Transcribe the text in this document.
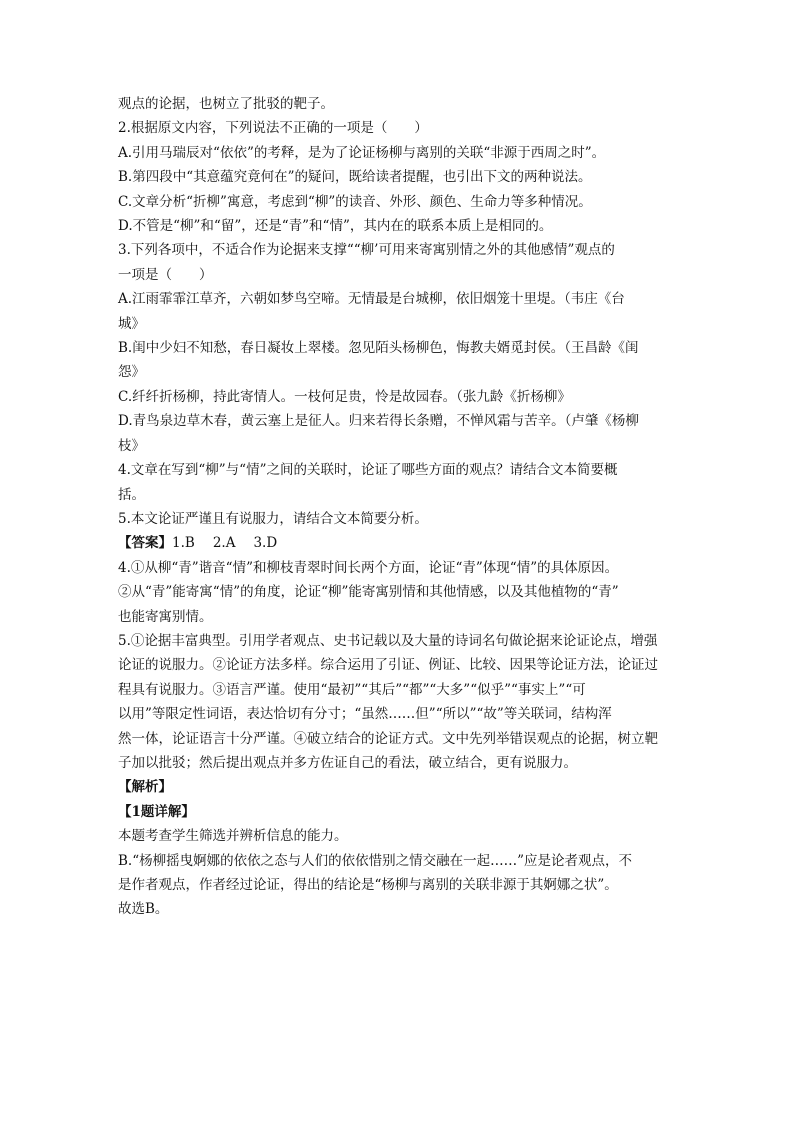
观点的论据，也树立了批驳的靶子。
2.根据原文内容，下列说法不正确的一项是（　　）
A.引用马瑞辰对“依依”的考释，是为了论证杨柳与离别的关联“非源于西周之时”。
B.第四段中“其意蕴究竟何在”的疑问，既给读者提醒，也引出下文的两种说法。
C.文章分析“折柳”寓意，考虑到“柳”的读音、外形、颜色、生命力等多种情况。
D.不管是“柳”和“留”，还是“青”和“情”，其内在的联系本质上是相同的。
3.下列各项中，不适合作为论据来支撑““柳’可用来寄寓别情之外的其他感情”观点的
一项是（　　）
A.江雨霏霏江草齐，六朝如梦鸟空啼。无情最是台城柳，依旧烟笼十里堤。（韦庄《台
城》
B.闺中少妇不知愁，春日凝妆上翠楼。忽见陌头杨柳色，悔教夫婿觅封侯。（王昌龄《闺
怨》
C.纤纤折杨柳，持此寄情人。一枝何足贵，怜是故园春。（张九龄《折杨柳》
D.青鸟泉边草木春，黄云塞上是征人。归来若得长条赠，不惮风霜与苦辛。（卢肇《杨柳
枝》
4.文章在写到“柳”与“情”之间的关联时，论证了哪些方面的观点？请结合文本简要概
括。
5.本文论证严谨且有说服力，请结合文本简要分析。
【答案】1.B 2.A 3.D
4.①从柳“青”谐音“情”和柳枝青翠时间长两个方面，论证“青”体现“情”的具体原因。
②从“青”能寄寓“情”的角度，论证“柳”能寄寓别情和其他情感，以及其他植物的“青”
也能寄寓别情。
5.①论据丰富典型。引用学者观点、史书记载以及大量的诗词名句做论据来论证论点，增强
论证的说服力。②论证方法多样。综合运用了引证、例证、比较、因果等论证方法，论证过
程具有说服力。③语言严谨。使用“最初”“其后”“都”“大多”“似乎”“事实上”“可
以用”等限定性词语，表达恰切有分寸；“虽然……但”“所以”“故”等关联词，结构浑
然一体，论证语言十分严谨。④破立结合的论证方式。文中先列举错误观点的论据，树立靶
子加以批驳；然后提出观点并多方佐证自己的看法，破立结合，更有说服力。
【解析】
【1题详解】
本题考查学生筛选并辨析信息的能力。
B.“杨柳摇曳婀娜的依依之态与人们的依依惜别之情交融在一起……”应是论者观点，不
是作者观点，作者经过论证，得出的结论是“杨柳与离别的关联非源于其婀娜之状”。
故选B。
